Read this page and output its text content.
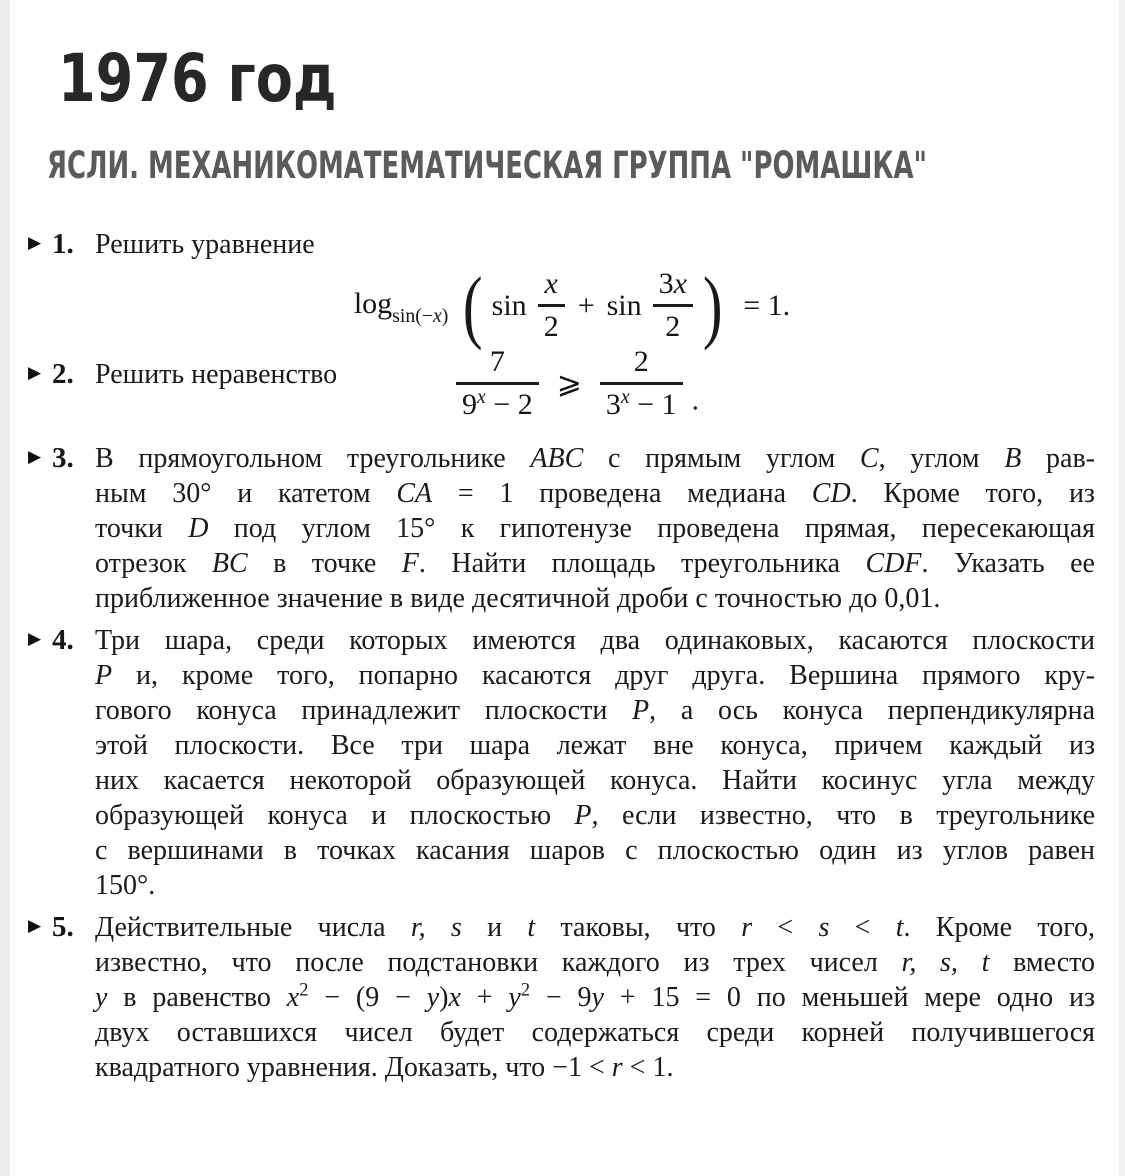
1976 год
ЯСЛИ. МЕХАНИКОМАТЕМАТИЧЕСКАЯ ГРУППА "РОМАШКА"
▶ 1. Решить уравнение
$\log_{sin(-x)}$ ( $\sin \frac{x}{2} + \sin \frac{3x}{2}$ ) = 1.
▶ 2. Решить неравенство	$\frac{7}{9^x - 2}$ ⩾ $\frac{2}{3^x - 1}$ .
▶ 3. В прямоугольном треугольнике ABC с прямым углом C, углом B рав-
ным 30° и катетом CA = 1 проведена медиана CD. Кроме того, из
точки D под углом 15° к гипотенузе проведена прямая, пересекающая
отрезок BC в точке F. Найти площадь треугольника CDF. Указать ее
приближенное значение в виде десятичной дроби с точностью до 0,01.
▶ 4. Три шара, среди которых имеются два одинаковых, касаются плоскости
P и, кроме того, попарно касаются друг друга. Вершина прямого кру-
гового конуса принадлежит плоскости P, а ось конуса перпендикулярна
этой плоскости. Все три шара лежат вне конуса, причем каждый из
них касается некоторой образующей конуса. Найти косинус угла между
образующей конуса и плоскостью P, если известно, что в треугольнике
с вершинами в точках касания шаров с плоскостью один из углов равен
150°.
▶ 5. Действительные числа r, s и t таковы, что r < s < t. Кроме того,
известно, что после подстановки каждого из трех чисел r, s, t вместо
y в равенство $x^2 - (9 - y)x + y^2 - 9y + 15 = 0$ по меньшей мере одно из
двух оставшихся чисел будет содержаться среди корней получившегося
квадратного уравнения. Доказать, что −1 < r < 1.
